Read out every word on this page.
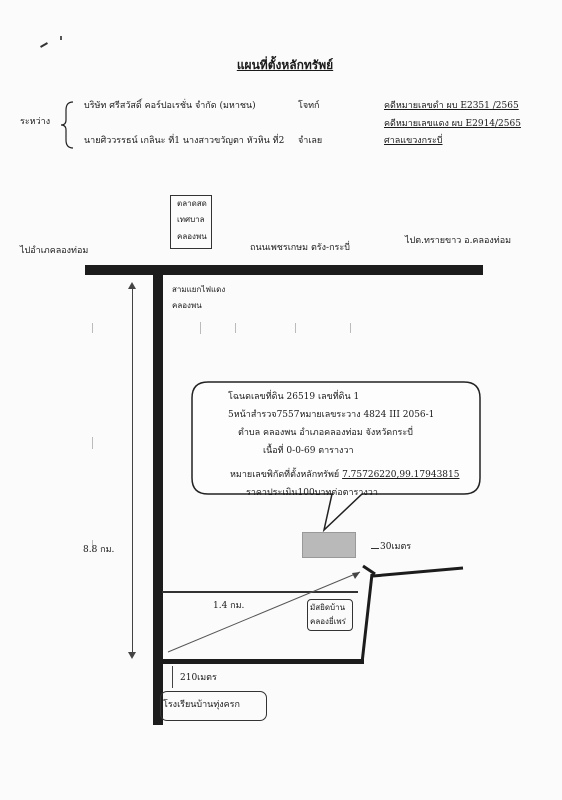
แผนที่ตั้งหลักทรัพย์
ระหว่าง
บริษัท ศรีสวัสดิ์ คอร์ปอเรชั่น จำกัด (มหาชน)	โจทก์	คดีหมายเลขดำ ผบ E2351 /2565
คดีหมายเลขแดง ผบ E2914/2565
นายศิววรรธน์ เกลินะ ที่1 นางสาวขวัญตา หัวหิน ที่2 จำเลย	ศาลแขวงกระบี่
ตลาดสด
เทศบาล
คลองพน
ถนนเพชรเกษม ตรัง-กระบี่
ไปอำเภคลองท่อม
ไปต.ทรายขาว อ.คลองท่อม
สามแยกไฟแดง
คลองพน
8.8 กม.
โฉนดเลขที่ดิน 26519 เลขที่ดิน 1
5หน้าสำรวจ7557หมายเลขระวาง 4824 III 2056-1
ตำบล คลองพน อำเภอคลองท่อม จังหวัดกระบี่
เนื้อที่ 0-0-69 ตารางวา
หมายเลขพิกัดที่ตั้งหลักทรัพย์ 7.75726220,99.17943815
ราคาประเมิน100บาทต่อตารางวา
30เมตร
1.4 กม.	มัสยิดบ้าน
คลองยี่เพร่
210เมตร
โรงเรียนบ้านทุ่งครก
